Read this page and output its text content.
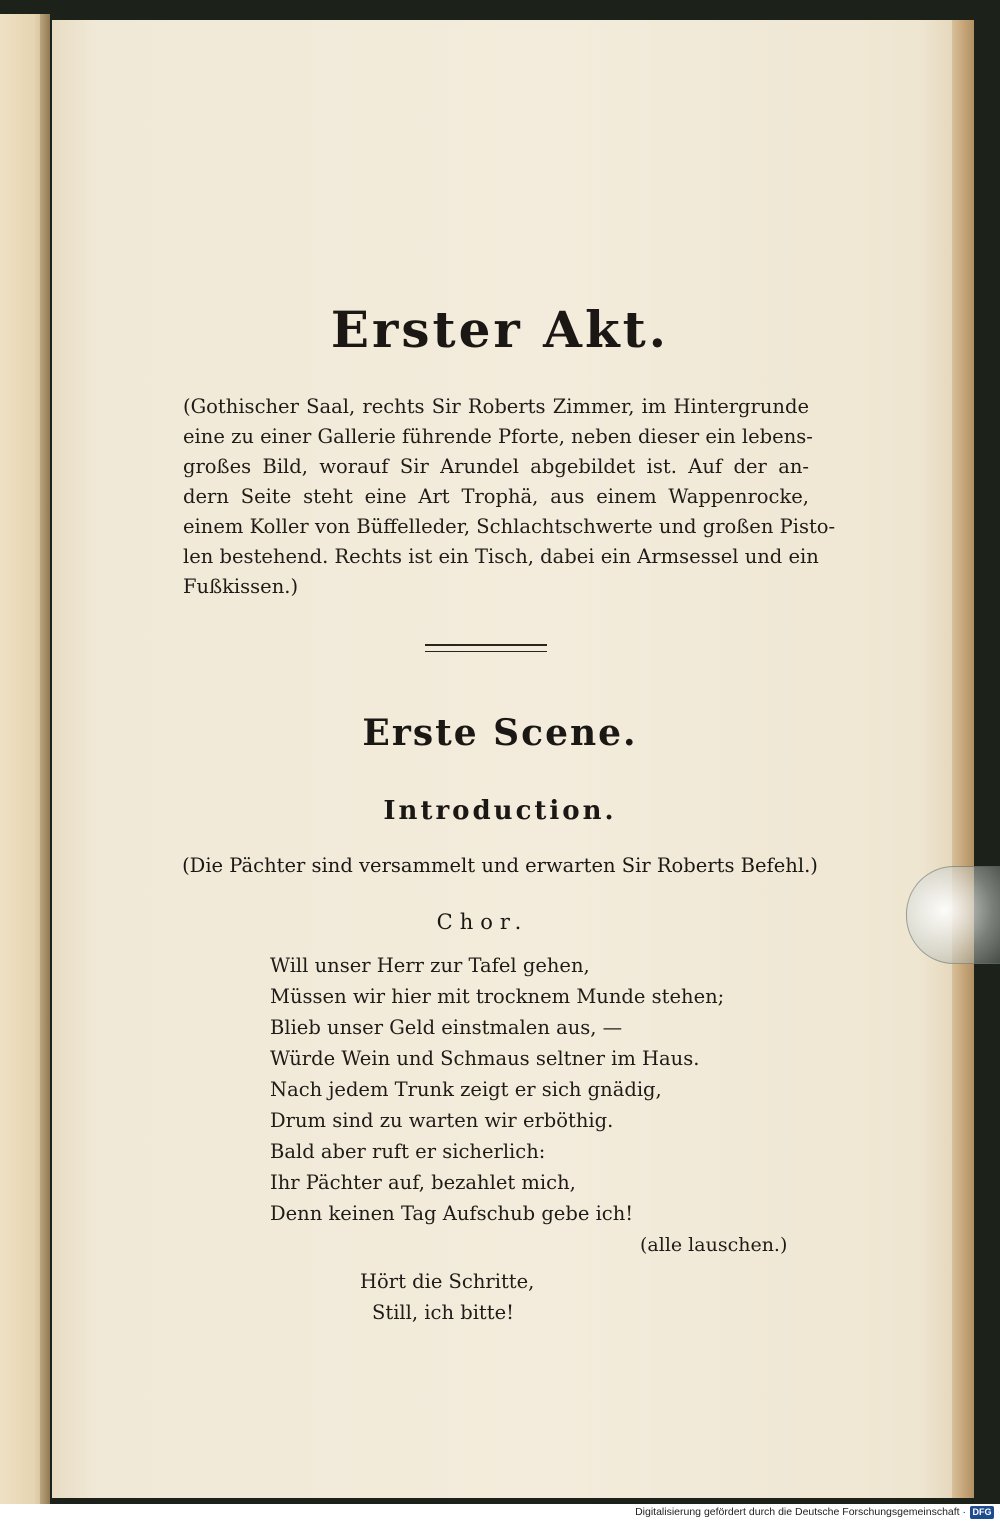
Erster Akt.
(Gothischer Saal, rechts Sir Roberts Zimmer, im Hintergrunde
eine zu einer Gallerie führende Pforte, neben dieser ein lebens-
großes Bild, worauf Sir Arundel abgebildet ist. Auf der an-
dern Seite steht eine Art Trophä, aus einem Wappenrocke,
einem Koller von Büffelleder, Schlachtschwerte und großen Pisto-
len bestehend. Rechts ist ein Tisch, dabei ein Armsessel und ein
Fußkissen.)
Erste Scene.
Introduction.
(Die Pächter sind versammelt und erwarten Sir Roberts Befehl.)
Chor.
Will unser Herr zur Tafel gehen,
Müssen wir hier mit trocknem Munde stehen;
Blieb unser Geld einstmalen aus, —
Würde Wein und Schmaus seltner im Haus.
Nach jedem Trunk zeigt er sich gnädig,
Drum sind zu warten wir erböthig.
Bald aber ruft er sicherlich:
Ihr Pächter auf, bezahlet mich,
Denn keinen Tag Aufschub gebe ich!
(alle lauschen.)
Hört die Schritte,
Still, ich bitte!
Digitalisierung gefördert durch die Deutsche Forschungsgemeinschaft · DFG
